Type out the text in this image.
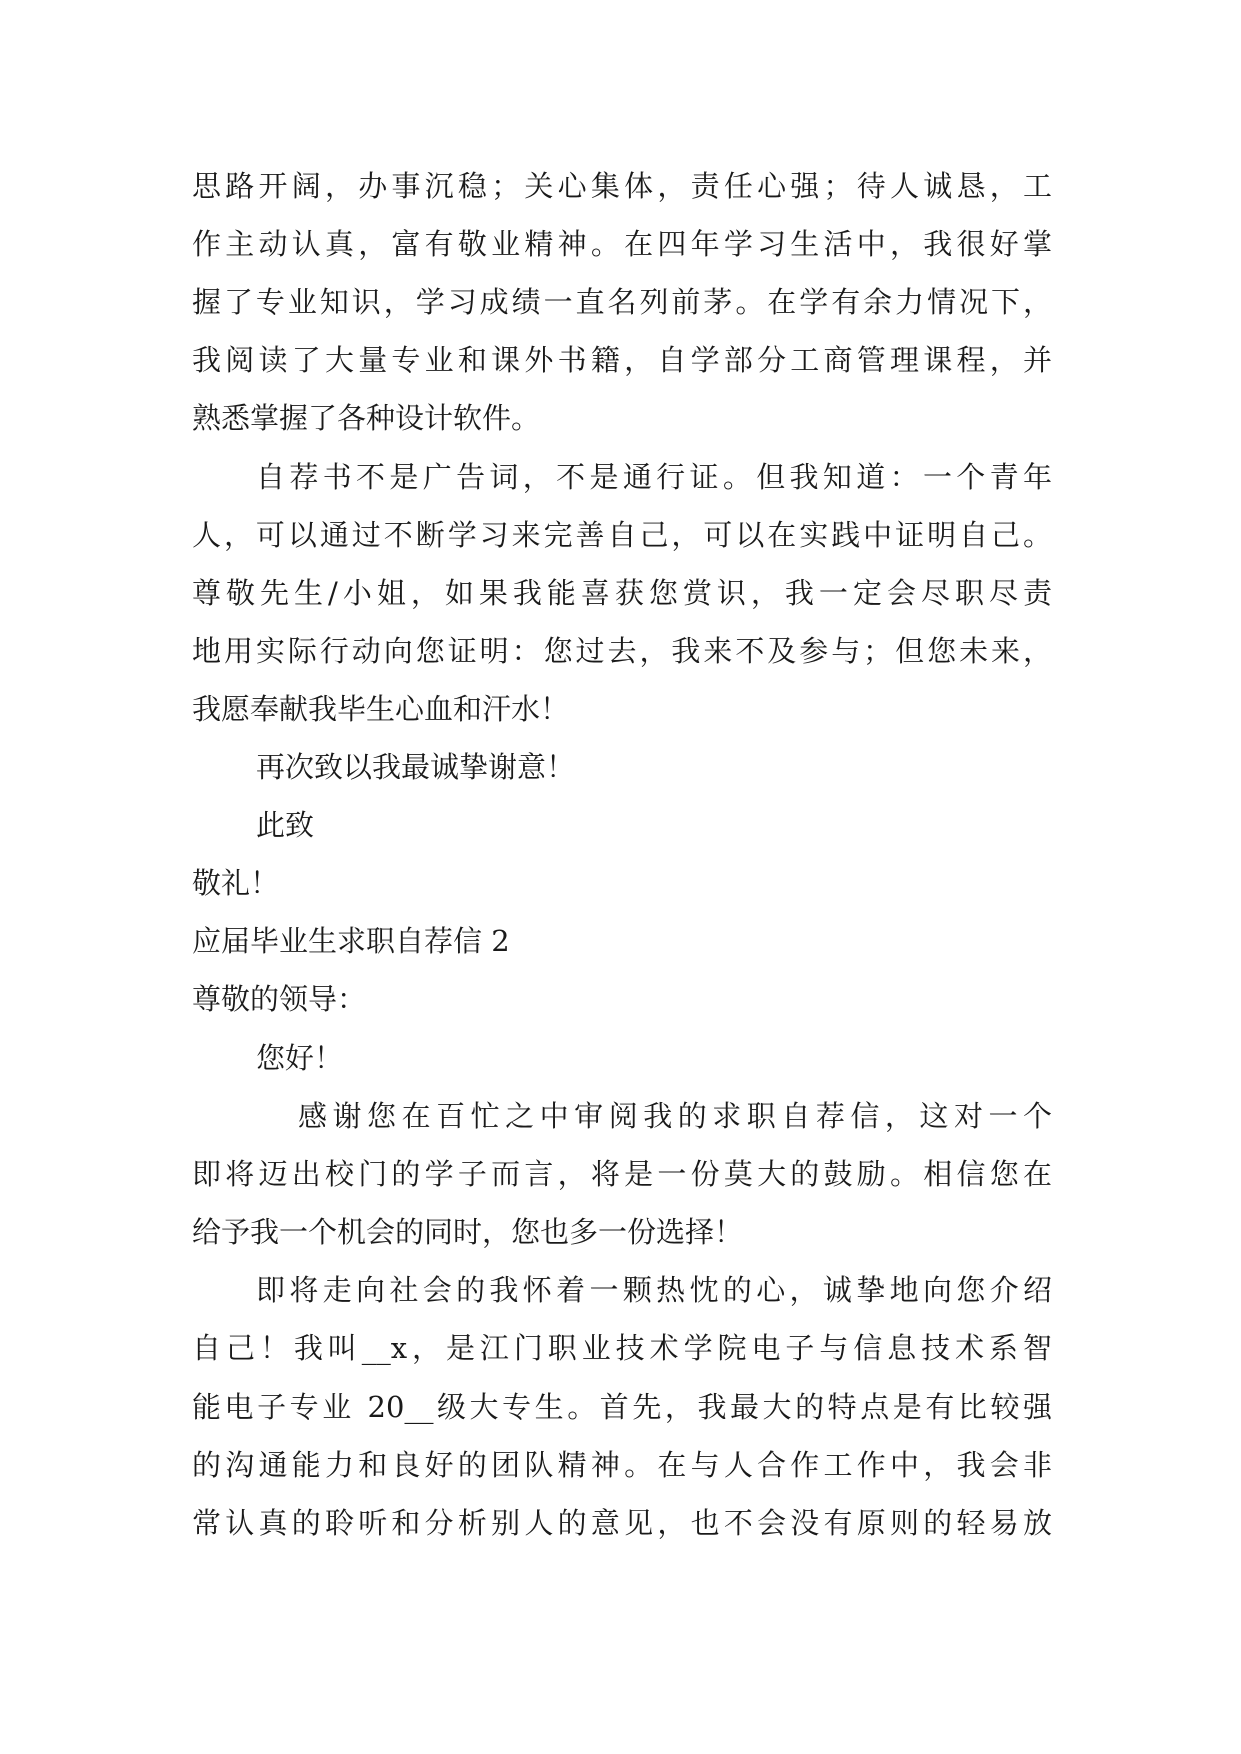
思路开阔，办事沉稳；关心集体，责任心强；待人诚恳，工
作主动认真，富有敬业精神。在四年学习生活中，我很好掌
握了专业知识，学习成绩一直名列前茅。在学有余力情况下，
我阅读了大量专业和课外书籍，自学部分工商管理课程，并
熟悉掌握了各种设计软件。
自荐书不是广告词，不是通行证。但我知道：一个青年
人，可以通过不断学习来完善自己，可以在实践中证明自己。
尊敬先生/小姐，如果我能喜获您赏识，我一定会尽职尽责
地用实际行动向您证明：您过去，我来不及参与；但您未来，
我愿奉献我毕生心血和汗水！
再次致以我最诚挚谢意！
此致
敬礼！
应届毕业生求职自荐信 2
尊敬的领导：
您好！
感谢您在百忙之中审阅我的求职自荐信，这对一个
即将迈出校门的学子而言，将是一份莫大的鼓励。相信您在
给予我一个机会的同时，您也多一份选择！
即将走向社会的我怀着一颗热忱的心，诚挚地向您介绍
自己！我叫__x，是江门职业技术学院电子与信息技术系智
能电子专业 20__级大专生。首先，我最大的特点是有比较强
的沟通能力和良好的团队精神。在与人合作工作中，我会非
常认真的聆听和分析别人的意见，也不会没有原则的轻易放
